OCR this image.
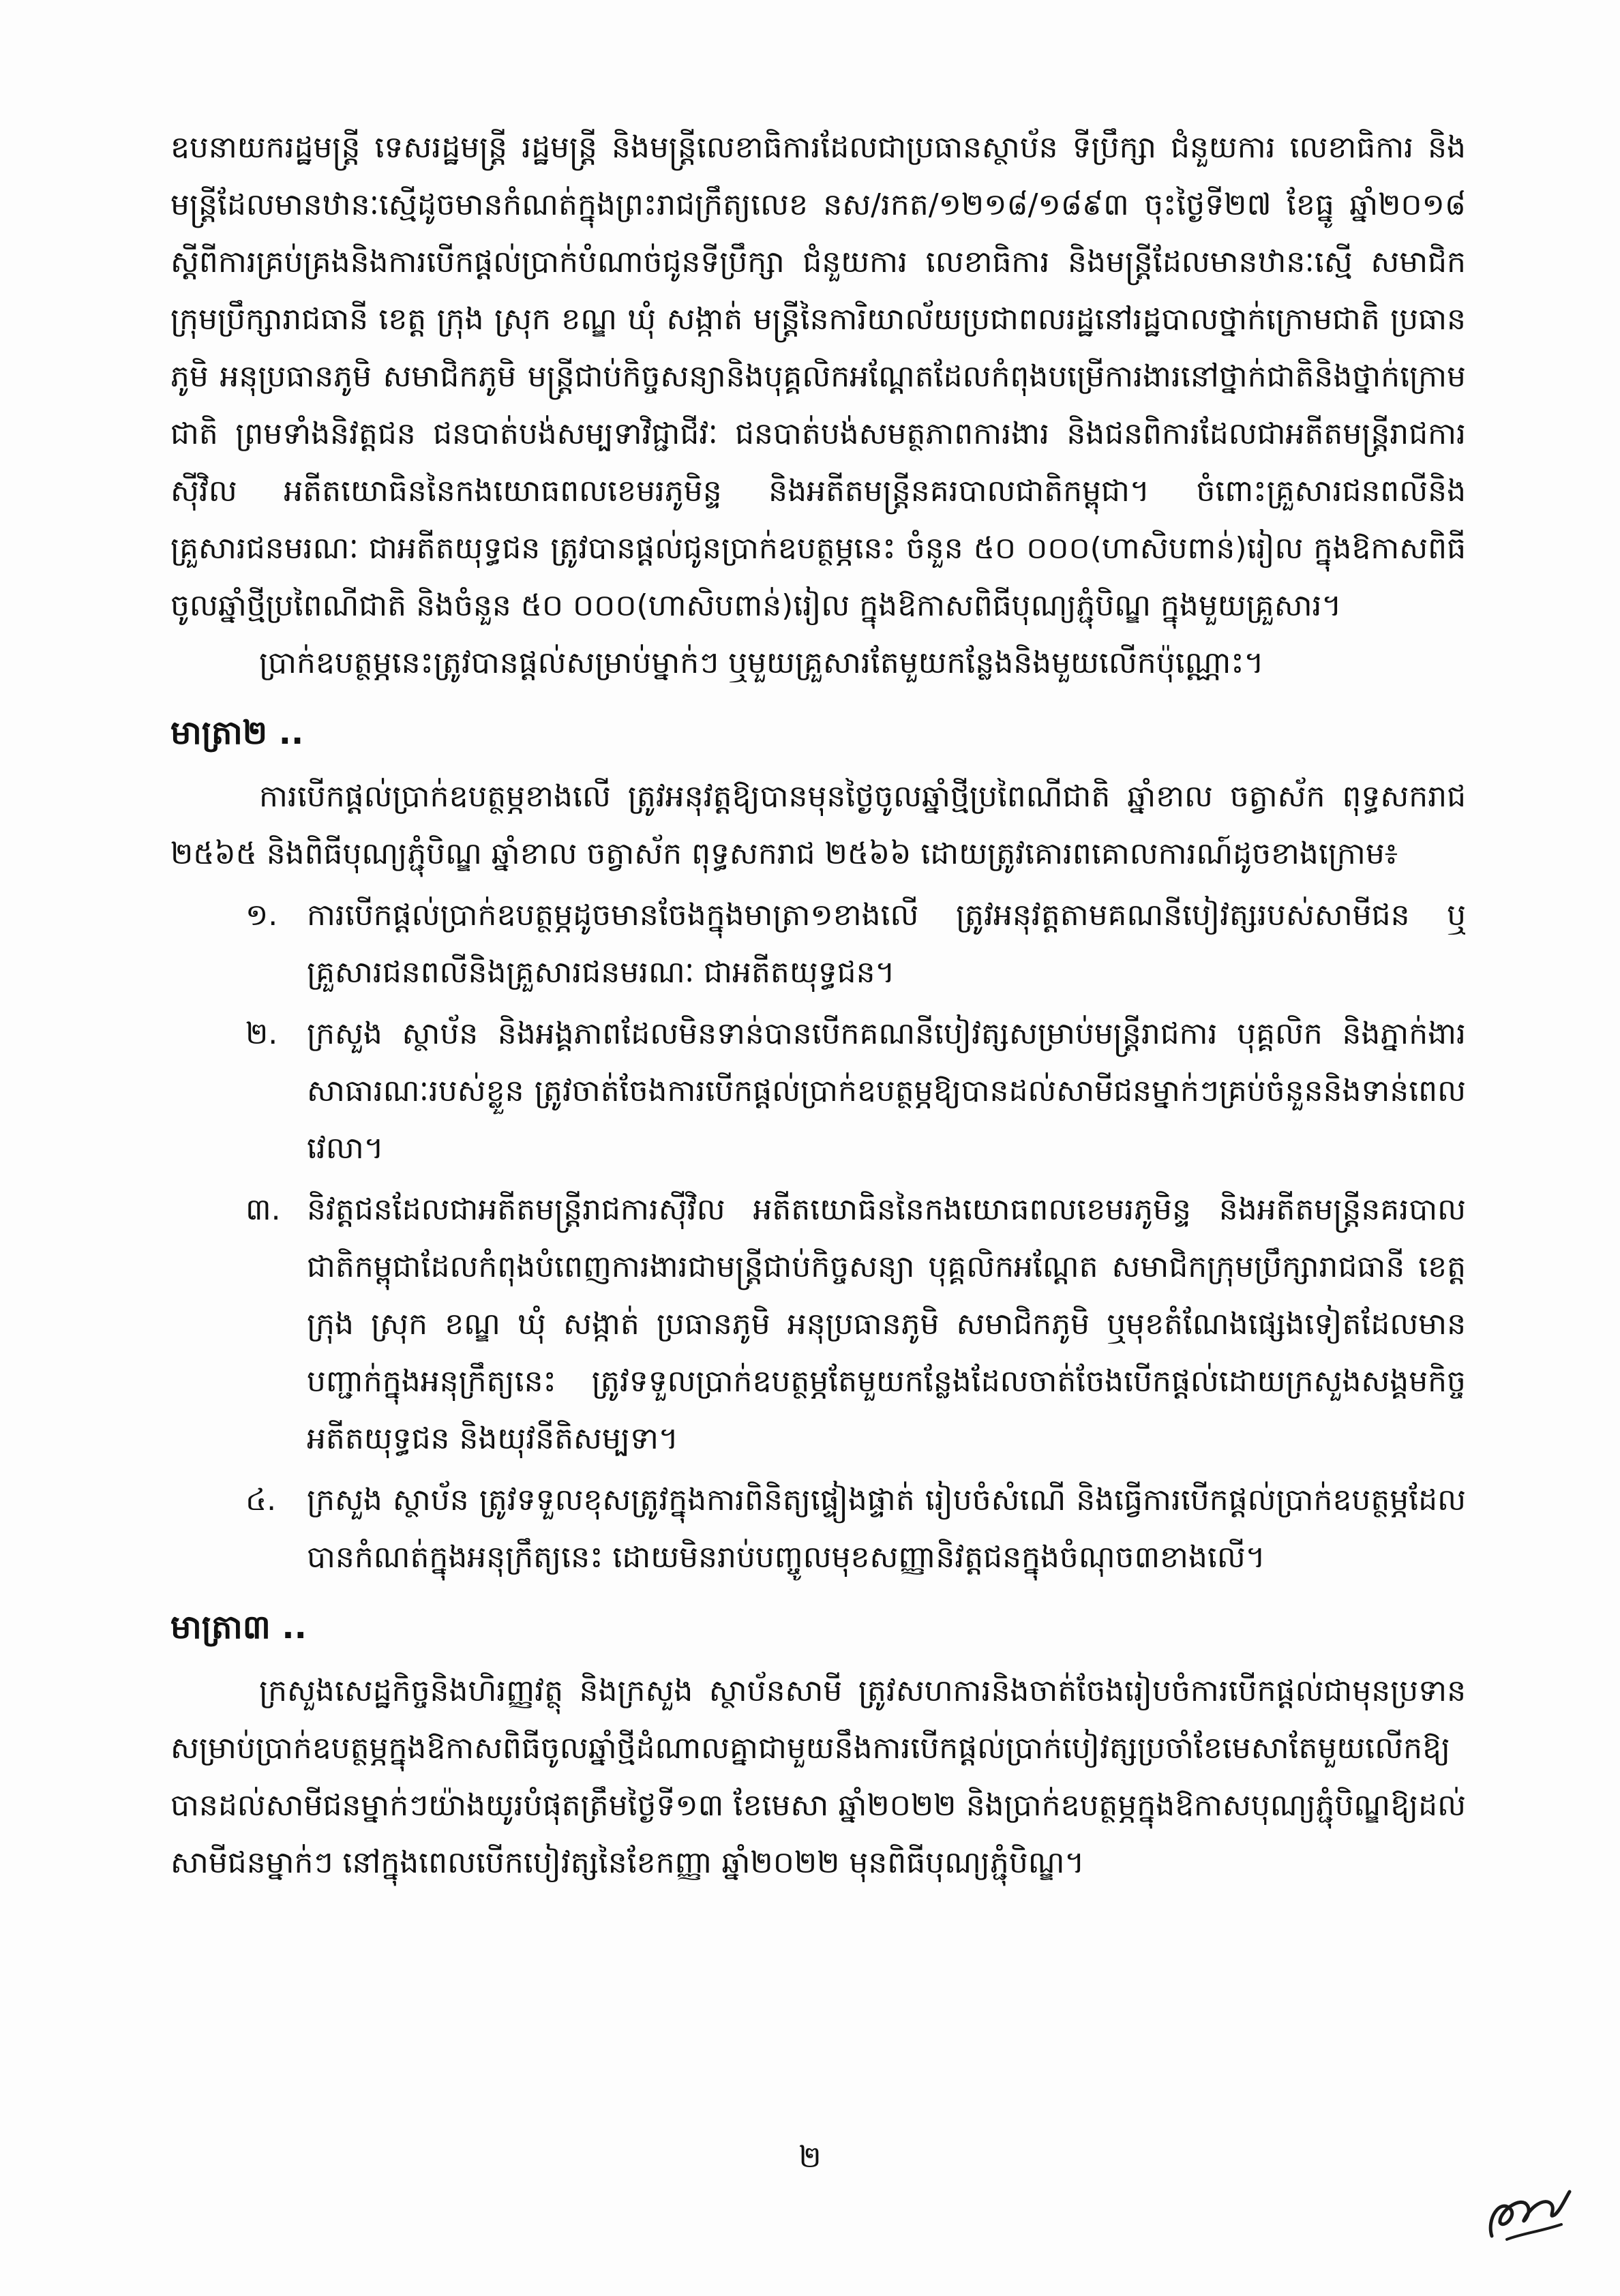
ឧបនាយករដ្ឋមន្ត្រី ទេសរដ្ឋមន្ត្រី រដ្ឋមន្ត្រី និងមន្ត្រីលេខាធិការដែលជាប្រធានស្ថាប័ន ទីប្រឹក្សា ជំនួយការ លេខាធិការ និងមន្ត្រីដែលមានឋានៈស្មើដូចមានកំណត់ក្នុងព្រះរាជក្រឹត្យលេខ នស/រកត/១២១៨/១៨៩៣ ចុះថ្ងៃទី២៧ ខែធ្នូ ឆ្នាំ២០១៨ ស្តីពីការគ្រប់គ្រងនិងការបើកផ្តល់ប្រាក់បំណាច់ជូនទីប្រឹក្សា ជំនួយការ លេខាធិការ និងមន្ត្រីដែលមានឋានៈស្មើ សមាជិកក្រុមប្រឹក្សារាជធានី ខេត្ត ក្រុង ស្រុក ខណ្ឌ ឃុំ សង្កាត់ មន្ត្រីនៃការិយាល័យប្រជាពលរដ្ឋនៅរដ្ឋបាលថ្នាក់ក្រោមជាតិ ប្រធានភូមិ អនុប្រធានភូមិ សមាជិកភូមិ មន្ត្រីជាប់កិច្ចសន្យានិងបុគ្គលិកអណ្តែតដែលកំពុងបម្រើការងារនៅថ្នាក់ជាតិនិងថ្នាក់ក្រោមជាតិ ព្រមទាំងនិវត្តជន ជនបាត់បង់សម្បទាវិជ្ជាជីវៈ ជនបាត់បង់សមត្ថភាពការងារ និងជនពិការដែលជាអតីតមន្ត្រីរាជការស៊ីវិល អតីតយោធិននៃកងយោធពលខេមរភូមិន្ទ និងអតីតមន្ត្រីនគរបាលជាតិកម្ពុជា។ ចំពោះគ្រួសារជនពលីនិងគ្រួសារជនមរណៈ ជាអតីតយុទ្ធជន ត្រូវបានផ្តល់ជូនប្រាក់ឧបត្ថម្ភនេះ ចំនួន ៥០ ០០០(ហាសិបពាន់)រៀល ក្នុងឱកាសពិធីចូលឆ្នាំថ្មីប្រពៃណីជាតិ និងចំនួន ៥០ ០០០(ហាសិបពាន់)រៀល ក្នុងឱកាសពិធីបុណ្យភ្ជុំបិណ្ឌ ក្នុងមួយគ្រួសារ។

ប្រាក់ឧបត្ថម្ភនេះត្រូវបានផ្តល់សម្រាប់ម្នាក់ៗ ឬមួយគ្រួសារតែមួយកន្លែងនិងមួយលើកប៉ុណ្ណោះ។

មាត្រា២ ..

ការបើកផ្តល់ប្រាក់ឧបត្ថម្ភខាងលើ ត្រូវអនុវត្តឱ្យបានមុនថ្ងៃចូលឆ្នាំថ្មីប្រពៃណីជាតិ ឆ្នាំខាល ចត្វាស័ក ពុទ្ធសករាជ ២៥៦៥ និងពិធីបុណ្យភ្ជុំបិណ្ឌ ឆ្នាំខាល ចត្វាស័ក ពុទ្ធសករាជ ២៥៦៦ ដោយត្រូវគោរពគោលការណ៍ដូចខាងក្រោម៖

១. ការបើកផ្តល់ប្រាក់ឧបត្ថម្ភដូចមានចែងក្នុងមាត្រា១ខាងលើ ត្រូវអនុវត្តតាមគណនីបៀវត្សរបស់សាមីជន ឬគ្រួសារជនពលីនិងគ្រួសារជនមរណៈ ជាអតីតយុទ្ធជន។
២. ក្រសួង ស្ថាប័ន និងអង្គភាពដែលមិនទាន់បានបើកគណនីបៀវត្សសម្រាប់មន្ត្រីរាជការ បុគ្គលិក និងភ្នាក់ងារសាធារណៈរបស់ខ្លួន ត្រូវចាត់ចែងការបើកផ្តល់ប្រាក់ឧបត្ថម្ភឱ្យបានដល់សាមីជនម្នាក់ៗគ្រប់ចំនួននិងទាន់ពេលវេលា។
៣. និវត្តជនដែលជាអតីតមន្ត្រីរាជការស៊ីវិល អតីតយោធិននៃកងយោធពលខេមរភូមិន្ទ និងអតីតមន្ត្រីនគរបាលជាតិកម្ពុជាដែលកំពុងបំពេញការងារជាមន្ត្រីជាប់កិច្ចសន្យា បុគ្គលិកអណ្តែត សមាជិកក្រុមប្រឹក្សារាជធានី ខេត្ត ក្រុង ស្រុក ខណ្ឌ ឃុំ សង្កាត់ ប្រធានភូមិ អនុប្រធានភូមិ សមាជិកភូមិ ឬមុខតំណែងផ្សេងទៀតដែលមានបញ្ជាក់ក្នុងអនុក្រឹត្យនេះ ត្រូវទទួលប្រាក់ឧបត្ថម្ភតែមួយកន្លែងដែលចាត់ចែងបើកផ្តល់ដោយក្រសួងសង្គមកិច្ច អតីតយុទ្ធជន និងយុវនីតិសម្បទា។
៤. ក្រសួង ស្ថាប័ន ត្រូវទទួលខុសត្រូវក្នុងការពិនិត្យផ្ទៀងផ្ទាត់ រៀបចំសំណើ និងធ្វើការបើកផ្តល់ប្រាក់ឧបត្ថម្ភដែលបានកំណត់ក្នុងអនុក្រឹត្យនេះ ដោយមិនរាប់បញ្ចូលមុខសញ្ញានិវត្តជនក្នុងចំណុច៣ខាងលើ។
មាត្រា៣ ..

ក្រសួងសេដ្ឋកិច្ចនិងហិរញ្ញវត្ថុ និងក្រសួង ស្ថាប័នសាមី ត្រូវសហការនិងចាត់ចែងរៀបចំការបើកផ្តល់ជាមុនប្រទានសម្រាប់ប្រាក់ឧបត្ថម្ភក្នុងឱកាសពិធីចូលឆ្នាំថ្មីដំណាលគ្នាជាមួយនឹងការបើកផ្តល់ប្រាក់បៀវត្សប្រចាំខែមេសាតែមួយលើកឱ្យបានដល់សាមីជនម្នាក់ៗយ៉ាងយូរបំផុតត្រឹមថ្ងៃទី១៣ ខែមេសា ឆ្នាំ២០២២ និងប្រាក់ឧបត្ថម្ភក្នុងឱកាសបុណ្យភ្ជុំបិណ្ឌឱ្យដល់សាមីជនម្នាក់ៗ នៅក្នុងពេលបើកបៀវត្សនៃខែកញ្ញា ឆ្នាំ២០២២ មុនពិធីបុណ្យភ្ជុំបិណ្ឌ។

២
